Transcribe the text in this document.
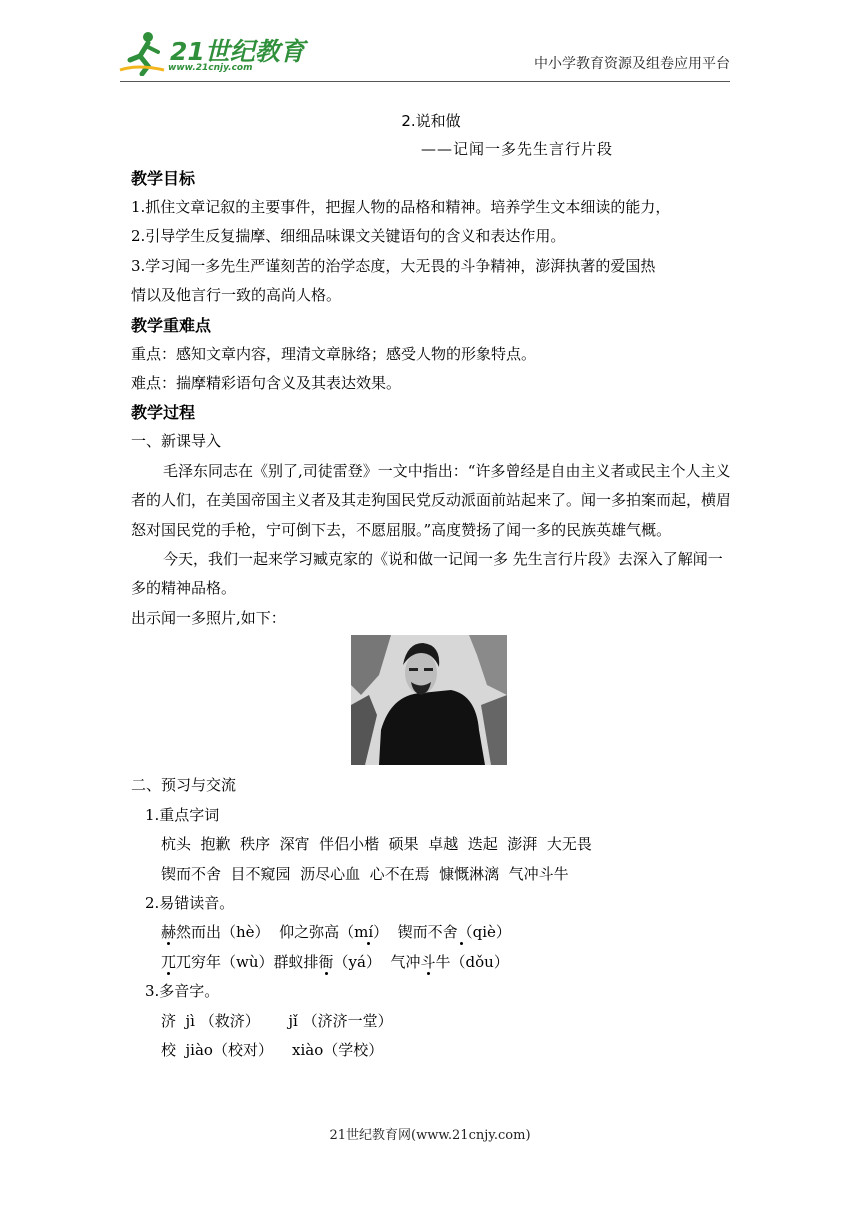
21世纪教育
www.21cnjy.com	中小学教育资源及组卷应用平台
2.说和做
——记闻一多先生言行片段
教学目标
1.抓住文章记叙的主要事件，把握人物的品格和精神。培养学生文本细读的能力，
2.引导学生反复揣摩、细细品味课文关键语句的含义和表达作用。
3.学习闻一多先生严谨刻苦的治学态度，大无畏的斗争精神，澎湃执著的爱国热
情以及他言行一致的高尚人格。
教学重难点
重点：感知文章内容，理清文章脉络；感受人物的形象特点。
难点：揣摩精彩语句含义及其表达效果。
教学过程
一、新课导入
毛泽东同志在《别了,司徒雷登》一文中指出：“许多曾经是自由主义者或民主个人主义者的人们，在美国帝国主义者及其走狗国民党反动派面前站起来了。闻一多拍案而起，横眉怒对国民党的手枪，宁可倒下去，不愿屈服。”高度赞扬了闻一多的民族英雄气概。
今天，我们一起来学习臧克家的《说和做一记闻一多 先生言行片段》去深入了解闻一多的精神品格。
出示闻一多照片,如下：
二、预习与交流
1.重点字词
杭头  抱歉  秩序  深宵  伴侣小楷  硕果  卓越  迭起  澎湃  大无畏
锲而不舍  目不窥园  沥尽心血  心不在焉  慷慨淋漓  气冲斗牛
2.易错读音。
赫然而出（hè）  仰之弥高（mí）  锲而不舍（qiè）
兀兀穷年（wù）群蚁排衙（yá）  气冲斗牛（dǒu）
3.多音字。
济  jì （救济）      jǐ （济济一堂）
校  jiào（校对）    xiào（学校）
21世纪教育网(www.21cnjy.com)
